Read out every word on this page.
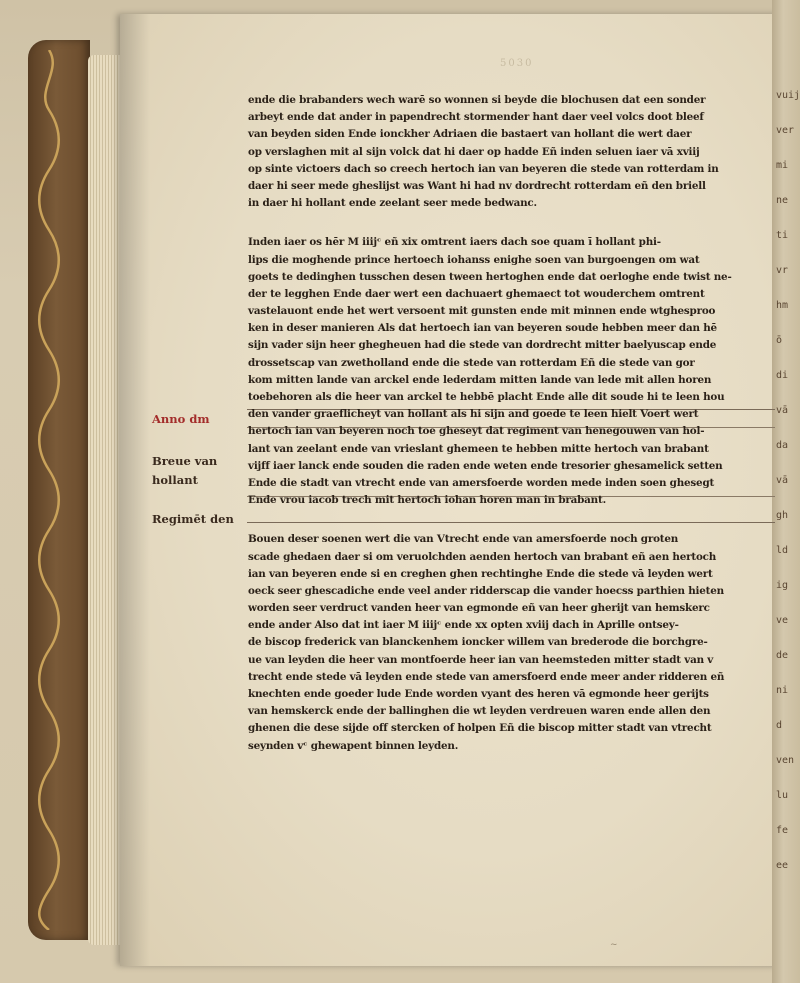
5030
vuij
ver
mi
ne
ti
vr
hm
ō
di
vā
da
vā
gh
ld
ig
ve
de
ni
d
ven
lu
fe
ee
ende die brabanders wech warē so wonnen si beyde die blochusen dat een sonder
arbeyt ende dat ander in papendrecht stormender hant daer veel volcs doot bleef
van beyden siden Ende ionckher Adriaen die bastaert van hollant die wert daer
op verslaghen mit al sijn volck dat hi daer op hadde Eñ inden seluen iaer vā xviij
op sinte victoers dach so creech hertoch ian van beyeren die stede van rotterdam in
daer hi seer mede gheslijst was Want hi had nv dordrecht rotterdam eñ den briell
in daer hi hollant ende zeelant seer mede bedwanc.
Inden iaer os hēr M iiijᶜ eñ xix omtrent iaers dach soe quam ī hollant phi-
lips die moghende prince hertoech iohanss enighe soen van burgoengen om wat
goets te dedinghen tusschen desen tween hertoghen ende dat oerloghe ende twist ne-
der te legghen Ende daer wert een dachuaert ghemaect tot wouderchem omtrent
vastelauont ende het wert versoent mit gunsten ende mit minnen ende wtghesproo
ken in deser manieren Als dat hertoech ian van beyeren soude hebben meer dan hē
sijn vader sijn heer ghegheuen had die stede van dordrecht mitter baelyuscap ende
drossetscap van zwetholland ende die stede van rotterdam Eñ die stede van gor
kom mitten lande van arckel ende lederdam mitten lande van lede mit allen horen
toebehoren als die heer van arckel te hebbē placht Ende alle dit soude hi te leen hou
den vander graeflicheyt van hollant als hi sijn and goede te leen hielt Voert wert
hertoch ian van beyeren noch toe gheseyt dat regiment van henegouwen van hol-
lant van zeelant ende van vrieslant ghemeen te hebben mitte hertoch van brabant
vijff iaer lanck ende souden die raden ende weten ende tresorier ghesamelick setten
Ende die stadt van vtrecht ende van amersfoerde worden mede inden soen ghesegt
Ende vrou iacob trech mit hertoch iohan horen man in brabant.
Bouen deser soenen wert die van Vtrecht ende van amersfoerde noch groten
scade ghedaen daer si om veruolchden aenden hertoch van brabant eñ aen hertoch
ian van beyeren ende si en creghen ghen rechtinghe Ende die stede vā leyden wert
oeck seer ghescadiche ende veel ander ridderscap die vander hoecss parthien hieten
worden seer verdruct vanden heer van egmonde eñ van heer gherijt van hemskerc
ende ander Also dat int iaer M iiijᶜ ende xx opten xviij dach in Aprille ontsey-
de biscop frederick van blanckenhem ioncker willem van brederode die borchgre-
ue van leyden die heer van montfoerde heer ian van heemsteden mitter stadt van v
trecht ende stede vā leyden ende stede van amersfoerd ende meer ander ridderen eñ
knechten ende goeder lude Ende worden vyant des heren vā egmonde heer gerijts
van hemskerck ende der ballinghen die wt leyden verdreuen waren ende allen den
ghenen die dese sijde off stercken of holpen Eñ die biscop mitter stadt van vtrecht
seynden vᶜ ghewapent binnen leyden.
Anno dm
Breue van
hollant
Regimēt den
~
